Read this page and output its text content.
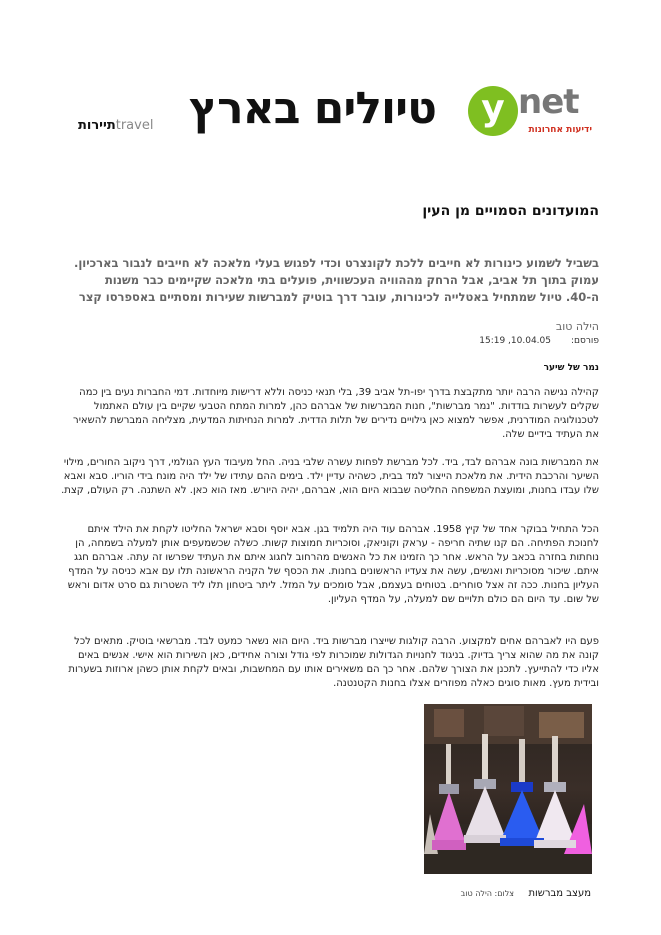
y net
ידיעות אחרונות
טיולים בארץ
תיירותtravel
המועדונים הסמויים מן העין
בשביל לשמוע כינורות לא חייבים ללכת לקונצרט וכדי לפגוש בעלי מלאכה לא חייבים לנבור בארכיון. עמוק בתוך תל אביב, אבל הרחק מההוויה העכשווית, פועלים בתי מלאכה שקיימים כבר משנות ה-40. טיול שמתחיל באטלייה לכינורות, עובר דרך בוטיק למברשות שעירות ומסתיים באספרסו קצר
הילה טוב
פורסם:
15:19 ,10.04.05
נמר של שיער
קהילה נגישה הרבה יותר מתקבצת בדרך יפו-תל אביב 39, בלי תנאי כניסה וללא דרישות מיוחדות. דמי החברות נעים בין כמה שקלים לעשרות בודדות. "נמר מברשות", חנות המברשות של אברהם כהן, למרות המתח הטבעי שקיים בין עולם האתמול לטכנולוגיה המודרנית, אפשר למצוא כאן גילויים נדירים של תלות הדדית. למרות הנחיתות המדעית, מצליחה המברשת להשאיר את העתיד בידיים שלה.
את המברשות בונה אברהם לבד, ביד. לכל מברשת לפחות עשרה שלבי בניה. החל מעיבוד העץ הגולמי, דרך ניקוב החורים, מילוי השיער והרכבת הידית. את מלאכת הייצור למד בבית, כשהיה עדיין ילד. בימים ההם עתידו של ילד היה מונח בידי הוריו. סבא ואבא שלו עבדו בחנות, ומועצת המשפחה החליטה שבבוא היום הוא, אברהם, יהיה היורש. מאז הוא כאן. לא השתנה. רק העולם, קצת.
הכל התחיל בבוקר אחד של קיץ 1958. אברהם עוד היה תלמיד בגן. אבא יוסף וסבא ישראל החליטו לקחת את הילד איתם לחנוכת הפתיחה. הם קנו שתיה חריפה - עראק וקוניאק, וסוכריות חמוצות קשות. כשלה שכשמעפים אותן למעלה בשמחה, הן נוחתות בחזרה בכאב על הראש. אחר כך הזמינו את כל האנשים מהרחוב לחגוג איתם את העתיד שפרשו זה עתה. אברהם חגג איתם. שיכור מסוכריות ואנשים, עשה את צעדיו הראשונים בחנות. את הכסף של הקניה הראשונה תלו עם אבא כניסה על המדף העליון בחנות. ככה זה אצל סוחרים. בטוחים בעצמם, אבל סומכים על המזל. ליתר ביטחון תלו ליד השטרות גם סרט אדום וראש של שום. עד היום הם כולם תלויים שם למעלה, על המדף העליון.
פעם היו לאברהם אחים למקצוע. הרבה קולגות שייצרו מברשות ביד. היום הוא נשאר כמעט לבד. מברשאי בוטיק. מתאים לכל קונה את מה שהוא צריך בדיוק. בניגוד לחנויות הגדולות שמוכרות לפי גודל וצורה אחידים, כאן השירות הוא אישי. אנשים באים אליו כדי להתייעץ. לתכנן את הצורך שלהם. אחר כך הם משאירים אותו עם המחשבות, ובאים לקחת אותן כשהן ארוזות בשערות ובידית מעץ. מאות סוגים כאלה מפוזרים אצלו בחנות הקטנטנה.
מעצב מברשות
צלום: הילה טוב
